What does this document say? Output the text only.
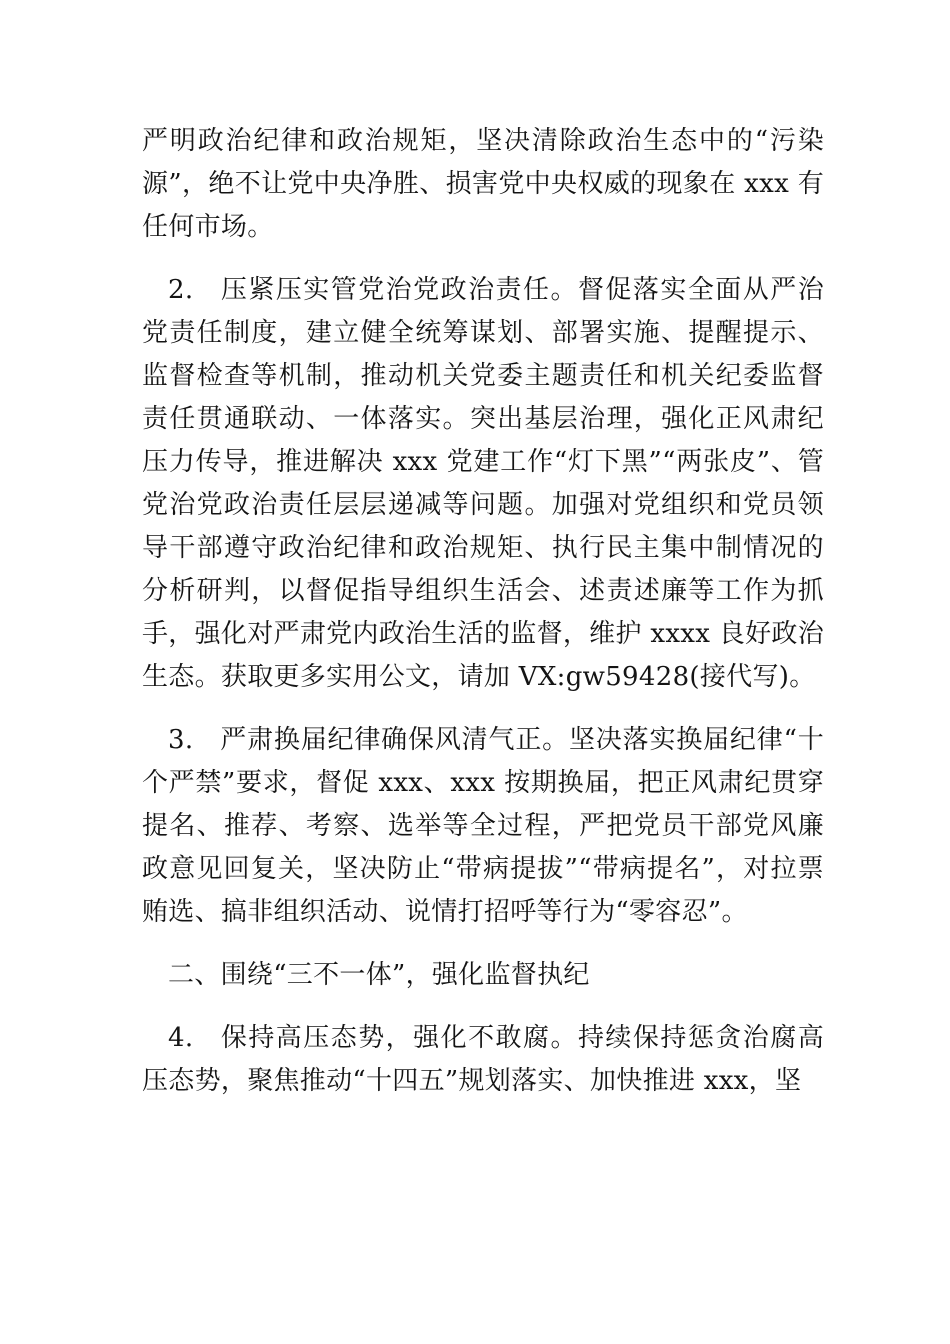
严明政治纪律和政治规矩，坚决清除政治生态中的“污染源”，绝不让党中央净胜、损害党中央权威的现象在 xxx 有任何市场。

2. 压紧压实管党治党政治责任。督促落实全面从严治党责任制度，建立健全统筹谋划、部署实施、提醒提示、监督检查等机制，推动机关党委主题责任和机关纪委监督责任贯通联动、一体落实。突出基层治理，强化正风肃纪压力传导，推进解决 xxx 党建工作“灯下黑”“两张皮”、管党治党政治责任层层递减等问题。加强对党组织和党员领导干部遵守政治纪律和政治规矩、执行民主集中制情况的分析研判，以督促指导组织生活会、述责述廉等工作为抓手，强化对严肃党内政治生活的监督，维护 xxxx 良好政治生态。获取更多实用公文，请加 VX:gw59428(接代写)。

3. 严肃换届纪律确保风清气正。坚决落实换届纪律“十个严禁”要求，督促 xxx、xxx 按期换届，把正风肃纪贯穿提名、推荐、考察、选举等全过程，严把党员干部党风廉政意见回复关，坚决防止“带病提拔”“带病提名”，对拉票贿选、搞非组织活动、说情打招呼等行为“零容忍”。

二、围绕“三不一体”，强化监督执纪

4. 保持高压态势，强化不敢腐。持续保持惩贪治腐高压态势，聚焦推动“十四五”规划落实、加快推进 xxx，坚
